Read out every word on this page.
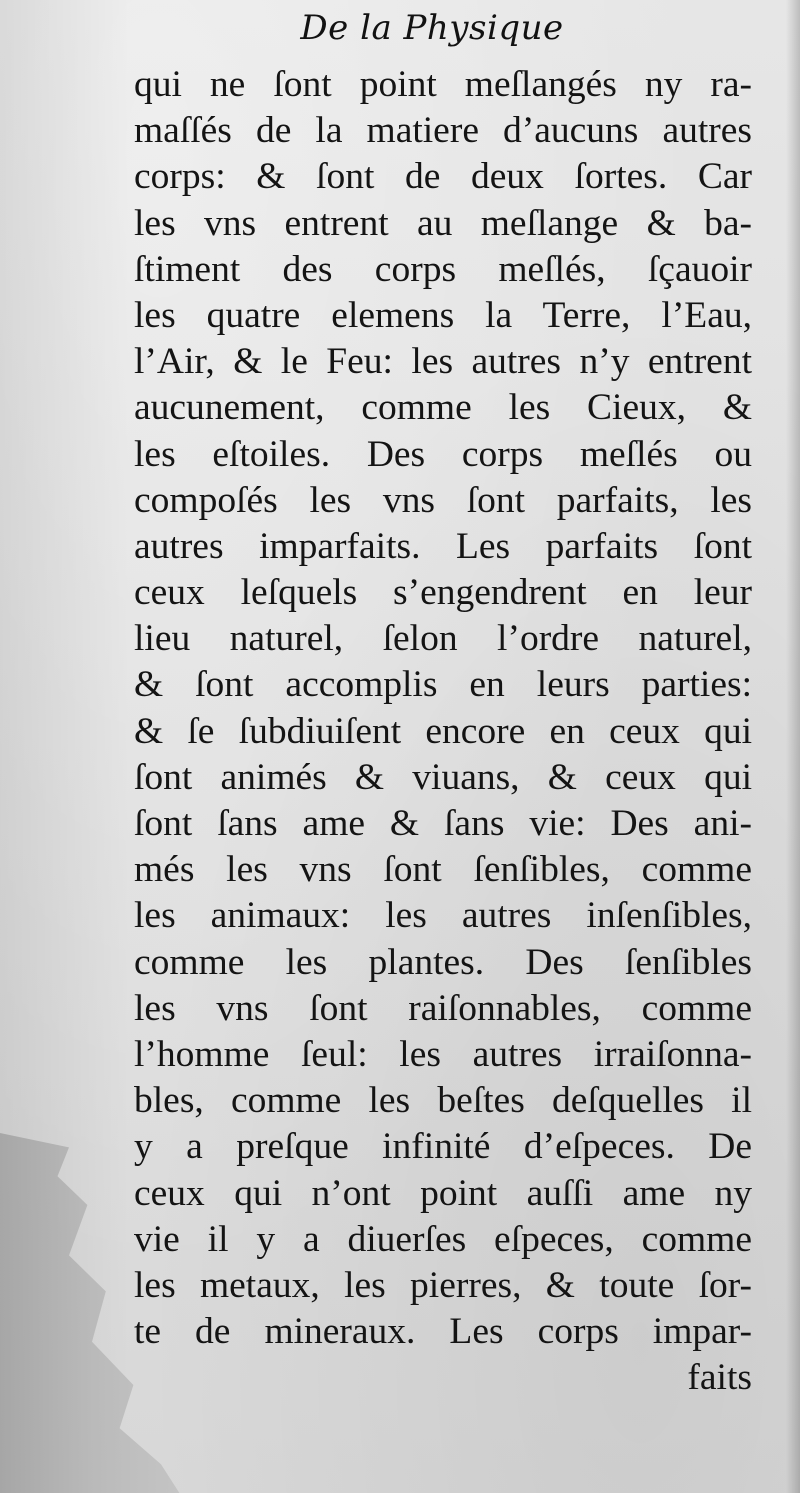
De la Physique
qui ne ſont point meſlangés ny ra-
maſſés de la matiere d’aucuns autres
corps: & ſont de deux ſortes. Car
les vns entrent au meſlange & ba-
ſtiment des corps meſlés, ſçauoir
les quatre elemens la Terre, l’Eau,
l’Air, & le Feu: les autres n’y entrent
aucunement, comme les Cieux, &
les eſtoiles. Des corps meſlés ou
compoſés les vns ſont parfaits, les
autres imparfaits. Les parfaits ſont
ceux leſquels s’engendrent en leur
lieu naturel, ſelon l’ordre naturel,
& ſont accomplis en leurs parties:
& ſe ſubdiuiſent encore en ceux qui
ſont animés & viuans, & ceux qui
ſont ſans ame & ſans vie: Des ani-
més les vns ſont ſenſibles, comme
les animaux: les autres inſenſibles,
comme les plantes. Des ſenſibles
les vns ſont raiſonnables, comme
l’homme ſeul: les autres irraiſonna-
bles, comme les beſtes deſquelles il
y a preſque infinité d’eſpeces. De
ceux qui n’ont point auſſi ame ny
vie il y a diuerſes eſpeces, comme
les metaux, les pierres, & toute ſor-
te de mineraux. Les corps impar-
faits
